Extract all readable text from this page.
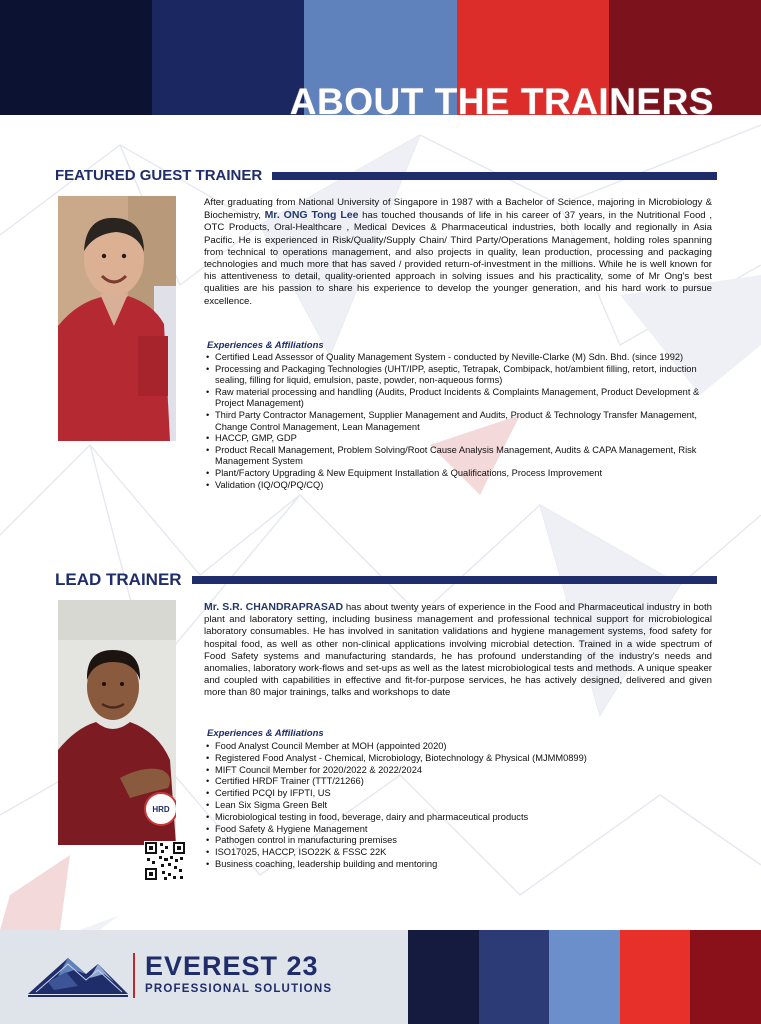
ABOUT THE TRAINERS
FEATURED GUEST TRAINER

After graduating from National University of Singapore in 1987 with a Bachelor of Science, majoring in Microbiology & Biochemistry, Mr. ONG Tong Lee has touched thousands of life in his career of 37 years, in the Nutritional Food , OTC Products, Oral-Healthcare , Medical Devices & Pharmaceutical industries, both locally and regionally in Asia Pacific. He is experienced in Risk/Quality/Supply Chain/ Third Party/Operations Management, holding roles spanning from technical to operations management, and also projects in quality, lean production, processing and packaging technologies and much more that has saved / provided return-of-investment in the millions. While he is well known for his attentiveness to detail, quality-oriented approach in solving issues and his practicality, some of Mr Ong's best qualities are his passion to share his experience to develop the younger generation, and his hard work to pursue excellence.

Experiences & Affiliations
• Certified Lead Assessor of Quality Management System - conducted by Neville-Clarke (M) Sdn. Bhd. (since 1992)
• Processing and Packaging Technologies (UHT/IPP, aseptic, Tetrapak, Combipack, hot/ambient filling, retort, induction sealing, filling for liquid, emulsion, paste, powder, non-aqueous forms)
• Raw material processing and handling (Audits, Product Incidents & Complaints Management, Product Development & Project Management)
• Third Party Contractor Management, Supplier Management and Audits, Product & Technology Transfer Management, Change Control Management, Lean Management
• HACCP, GMP, GDP
• Product Recall Management, Problem Solving/Root Cause Analysis Management, Audits & CAPA Management, Risk Management System
• Plant/Factory Upgrading & New Equipment Installation & Qualifications, Process Improvement
• Validation (IQ/OQ/PQ/CQ)
LEAD TRAINER
HRD

Mr. S.R. CHANDRAPRASAD has about twenty years of experience in the Food and Pharmaceutical industry in both plant and laboratory setting, including business management and professional technical support for microbiological laboratory consumables. He has involved in sanitation validations and hygiene management systems, food safety for hospital food, as well as other non-clinical applications involving microbial detection. Trained in a wide spectrum of Food Safety systems and manufacturing standards, he has profound understanding of the industry's needs and anomalies, laboratory work-flows and set-ups as well as the latest microbiological tests and methods. A unique speaker and coupled with capabilities in effective and fit-for-purpose services, he has actively designed, delivered and given more than 80 major trainings, talks and workshops to date

Experiences & Affiliations
• Food Analyst Council Member at MOH (appointed 2020)
• Registered Food Analyst - Chemical, Microbiology, Biotechnology & Physical (MJMM0899)
• MIFT Council Member for 2020/2022 & 2022/2024
• Certified HRDF Trainer (TTT/21266)
• Certified PCQI by IFPTI, US
• Lean Six Sigma Green Belt
• Microbiological testing in food, beverage, dairy and pharmaceutical products
• Food Safety & Hygiene Management
• Pathogen control in manufacturing premises
• ISO17025, HACCP, ISO22K & FSSC 22K
• Business coaching, leadership building and mentoring
EVEREST 23
PROFESSIONAL SOLUTIONS
